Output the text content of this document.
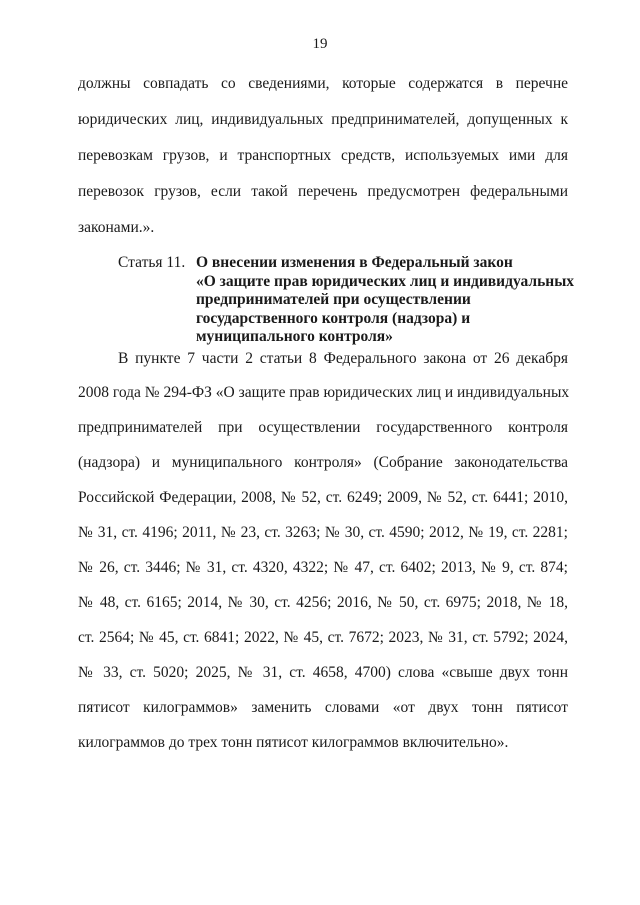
19
должны совпадать со сведениями, которые содержатся в перечне
юридических лиц, индивидуальных предпринимателей, допущенных к
перевозкам грузов, и транспортных средств, используемых ими для
перевозок грузов, если такой перечень предусмотрен федеральными
законами.».
Статья 11. О внесении изменения в Федеральный закон
«О защите прав юридических лиц и индивидуальных
предпринимателей при осуществлении
государственного контроля (надзора) и
муниципального контроля»
В пункте 7 части 2 статьи 8 Федерального закона от 26 декабря
2008 года № 294-ФЗ «О защите прав юридических лиц и индивидуальных
предпринимателей при осуществлении государственного контроля
(надзора) и муниципального контроля» (Собрание законодательства
Российской Федерации, 2008, № 52, ст. 6249; 2009, № 52, ст. 6441; 2010,
№ 31, ст. 4196; 2011, № 23, ст. 3263; № 30, ст. 4590; 2012, № 19, ст. 2281;
№ 26, ст. 3446; № 31, ст. 4320, 4322; № 47, ст. 6402; 2013, № 9, ст. 874;
№ 48, ст. 6165; 2014, № 30, ст. 4256; 2016, № 50, ст. 6975; 2018, № 18,
ст. 2564; № 45, ст. 6841; 2022, № 45, ст. 7672; 2023, № 31, ст. 5792; 2024,
№ 33, ст. 5020; 2025, № 31, ст. 4658, 4700) слова «свыше двух тонн
пятисот килограммов» заменить словами «от двух тонн пятисот
килограммов до трех тонн пятисот килограммов включительно».
